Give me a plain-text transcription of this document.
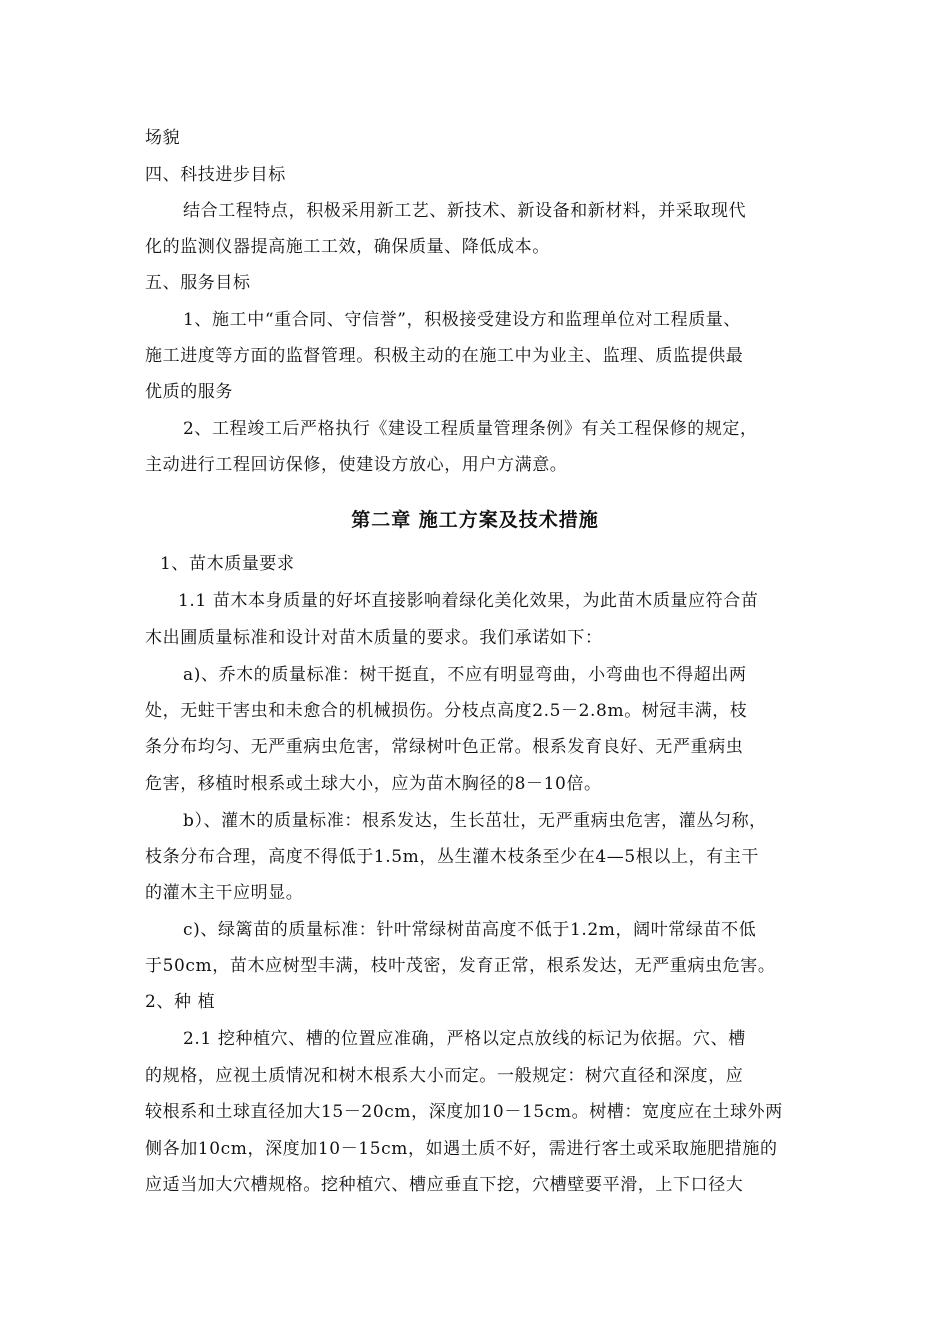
场貌
四、科技进步目标
结合工程特点，积极采用新工艺、新技术、新设备和新材料，并采取现代
化的监测仪器提高施工工效，确保质量、降低成本。
五、服务目标
1、施工中“重合同、守信誉”，积极接受建设方和监理单位对工程质量、
施工进度等方面的监督管理。积极主动的在施工中为业主、监理、质监提供最
优质的服务
2、工程竣工后严格执行《建设工程质量管理条例》有关工程保修的规定，
主动进行工程回访保修，使建设方放心，用户方满意。
第二章 施工方案及技术措施
1、苗木质量要求
1.1 苗木本身质量的好坏直接影响着绿化美化效果，为此苗木质量应符合苗
木出圃质量标准和设计对苗木质量的要求。我们承诺如下：
a)、乔木的质量标准：树干挺直，不应有明显弯曲，小弯曲也不得超出两
处，无蛀干害虫和未愈合的机械损伤。分枝点高度2.5－2.8m。树冠丰满，枝
条分布均匀、无严重病虫危害，常绿树叶色正常。根系发育良好、无严重病虫
危害，移植时根系或土球大小，应为苗木胸径的8－10倍。
b）、灌木的质量标准：根系发达，生长茁壮，无严重病虫危害，灌丛匀称，
枝条分布合理，高度不得低于1.5m，丛生灌木枝条至少在4—5根以上，有主干
的灌木主干应明显。
c)、绿篱苗的质量标准：针叶常绿树苗高度不低于1.2m，阔叶常绿苗不低
于50cm，苗木应树型丰满，枝叶茂密，发育正常，根系发达，无严重病虫危害。
2、种 植
2.1 挖种植穴、槽的位置应准确，严格以定点放线的标记为依据。穴、槽
的规格，应视土质情况和树木根系大小而定。一般规定：树穴直径和深度，应
较根系和土球直径加大15－20cm，深度加10－15cm。树槽：宽度应在土球外两
侧各加10cm，深度加10－15cm，如遇土质不好，需进行客土或采取施肥措施的
应适当加大穴槽规格。挖种植穴、槽应垂直下挖，穴槽壁要平滑，上下口径大
